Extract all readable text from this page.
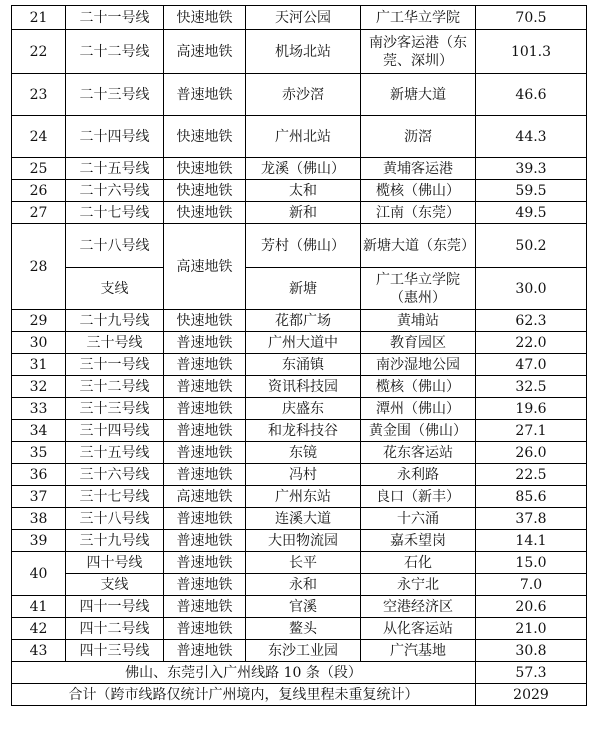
21	二十一号线	快速地铁	天河公园	广工华立学院	70.5
22	二十二号线	高速地铁	机场北站	南沙客运港（东莞、深圳）	101.3
23	二十三号线	普速地铁	赤沙滘	新塘大道	46.6
24	二十四号线	快速地铁	广州北站	沥滘	44.3
25	二十五号线	快速地铁	龙溪（佛山）	黄埔客运港	39.3
26	二十六号线	快速地铁	太和	榄核（佛山）	59.5
27	二十七号线	快速地铁	新和	江南（东莞）	49.5
28	二十八号线	高速地铁	芳村（佛山）	新塘大道（东莞）	50.2
	支线		新塘	广工华立学院（惠州）	30.0
29	二十九号线	快速地铁	花都广场	黄埔站	62.3
30	三十号线	普速地铁	广州大道中	教育园区	22.0
31	三十一号线	普速地铁	东涌镇	南沙湿地公园	47.0
32	三十二号线	普速地铁	资讯科技园	榄核（佛山）	32.5
33	三十三号线	普速地铁	庆盛东	潭州（佛山）	19.6
34	三十四号线	普速地铁	和龙科技谷	黄金围（佛山）	27.1
35	三十五号线	普速地铁	东镜	花东客运站	26.0
36	三十六号线	普速地铁	冯村	永利路	22.5
37	三十七号线	高速地铁	广州东站	良口（新丰）	85.6
38	三十八号线	普速地铁	连溪大道	十六涌	37.8
39	三十九号线	普速地铁	大田物流园	嘉禾望岗	14.1
40	四十号线	普速地铁	长平	石化	15.0
	支线	普速地铁	永和	永宁北	7.0
41	四十一号线	普速地铁	官溪	空港经济区	20.6
42	四十二号线	普速地铁	鳌头	从化客运站	21.0
43	四十三号线	普速地铁	东沙工业园	广汽基地	30.8
佛山、东莞引入广州线路 10 条（段）					57.3
合计（跨市线路仅统计广州境内，复线里程未重复统计）					2029
